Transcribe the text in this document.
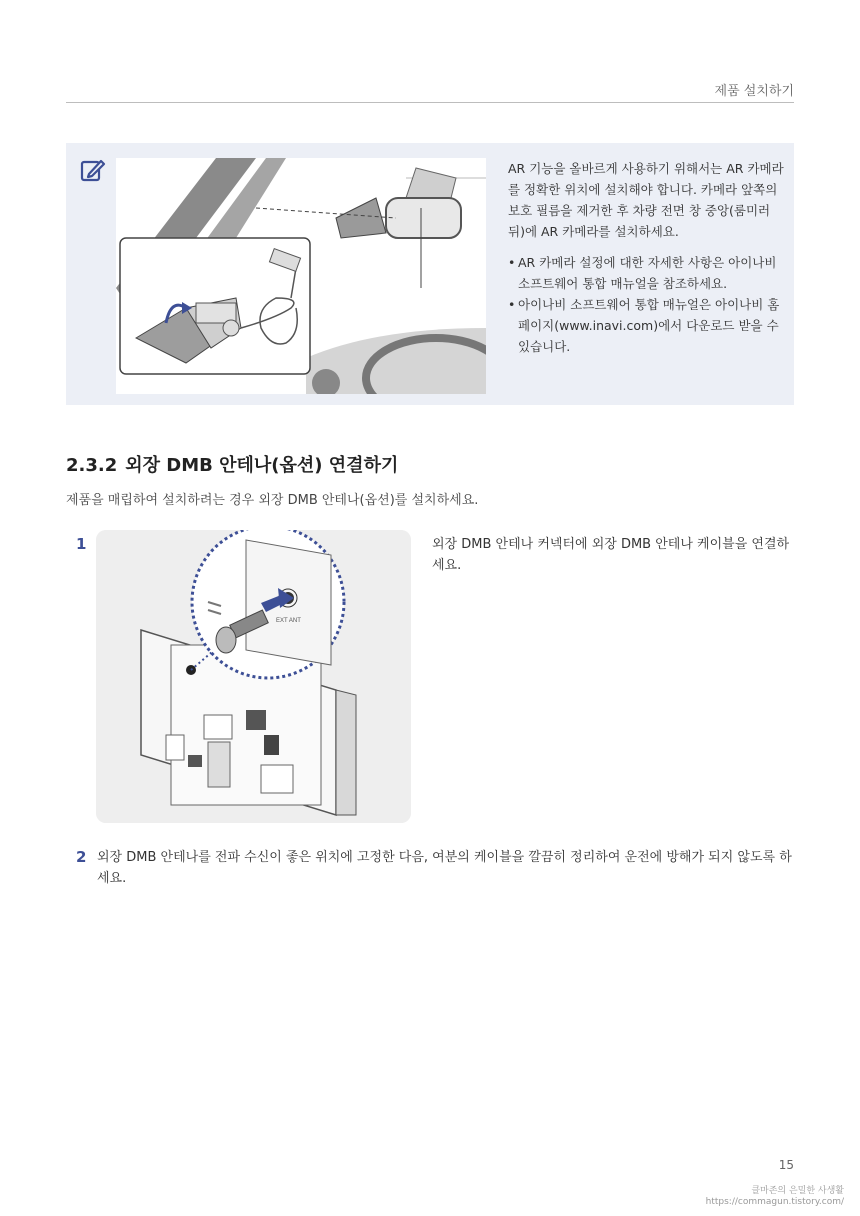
제품 설치하기

AR 기능을 올바르게 사용하기 위해서는 AR 카메라를 정확한 위치에 설치해야 합니다. 카메라 앞쪽의 보호 필름을 제거한 후 차량 전면 창 중앙(룸미러 뒤)에 AR 카메라를 설치하세요.

• AR 카메라 설정에 대한 자세한 사항은 아이나비 소프트웨어 통합 매뉴얼을 참조하세요.
• 아이나비 소프트웨어 통합 매뉴얼은 아이나비 홈페이지(www.inavi.com)에서 다운로드 받을 수 있습니다.
2.3.2 외장 DMB 안테나(옵션) 연결하기
제품을 매립하여 설치하려는 경우 외장 DMB 안테나(옵션)를 설치하세요.
1
EXT ANT
외장 DMB 안테나 커넥터에 외장 DMB 안테나 케이블을 연결하세요.
2 외장 DMB 안테나를 전파 수신이 좋은 위치에 고정한 다음, 여분의 케이블을 깔끔히 정리하여 운전에 방해가 되지 않도록 하세요.
15
클마존의 은밀한 사생활
https://commagun.tistory.com/
